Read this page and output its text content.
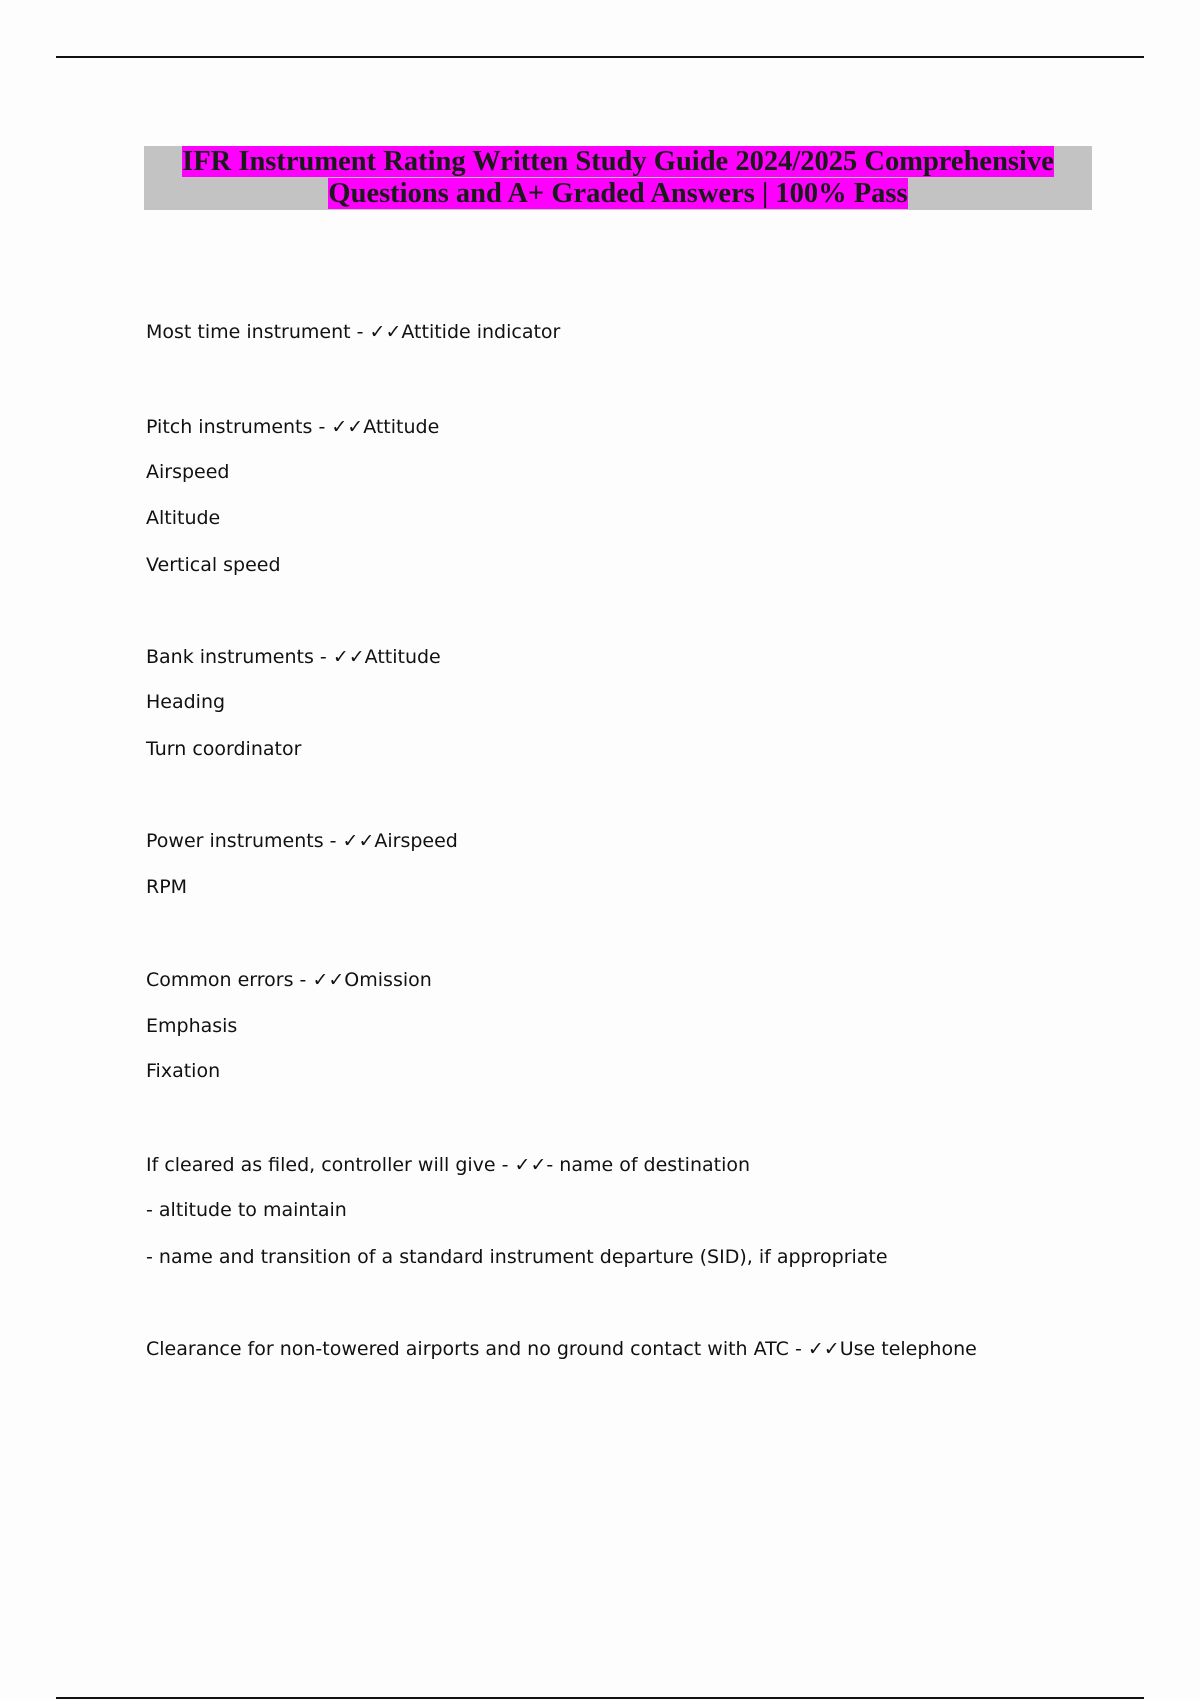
IFR Instrument Rating Written Study Guide 2024/2025 Comprehensive

Questions and A+ Graded Answers | 100% Pass

Most time instrument - ✓✓Attitide indicator

Pitch instruments - ✓✓Attitude

Airspeed

Altitude

Vertical speed

Bank instruments - ✓✓Attitude

Heading

Turn coordinator

Power instruments - ✓✓Airspeed

RPM

Common errors - ✓✓Omission

Emphasis

Fixation

If cleared as filed, controller will give - ✓✓- name of destination

- altitude to maintain

- name and transition of a standard instrument departure (SID), if appropriate

Clearance for non-towered airports and no ground contact with ATC - ✓✓Use telephone
